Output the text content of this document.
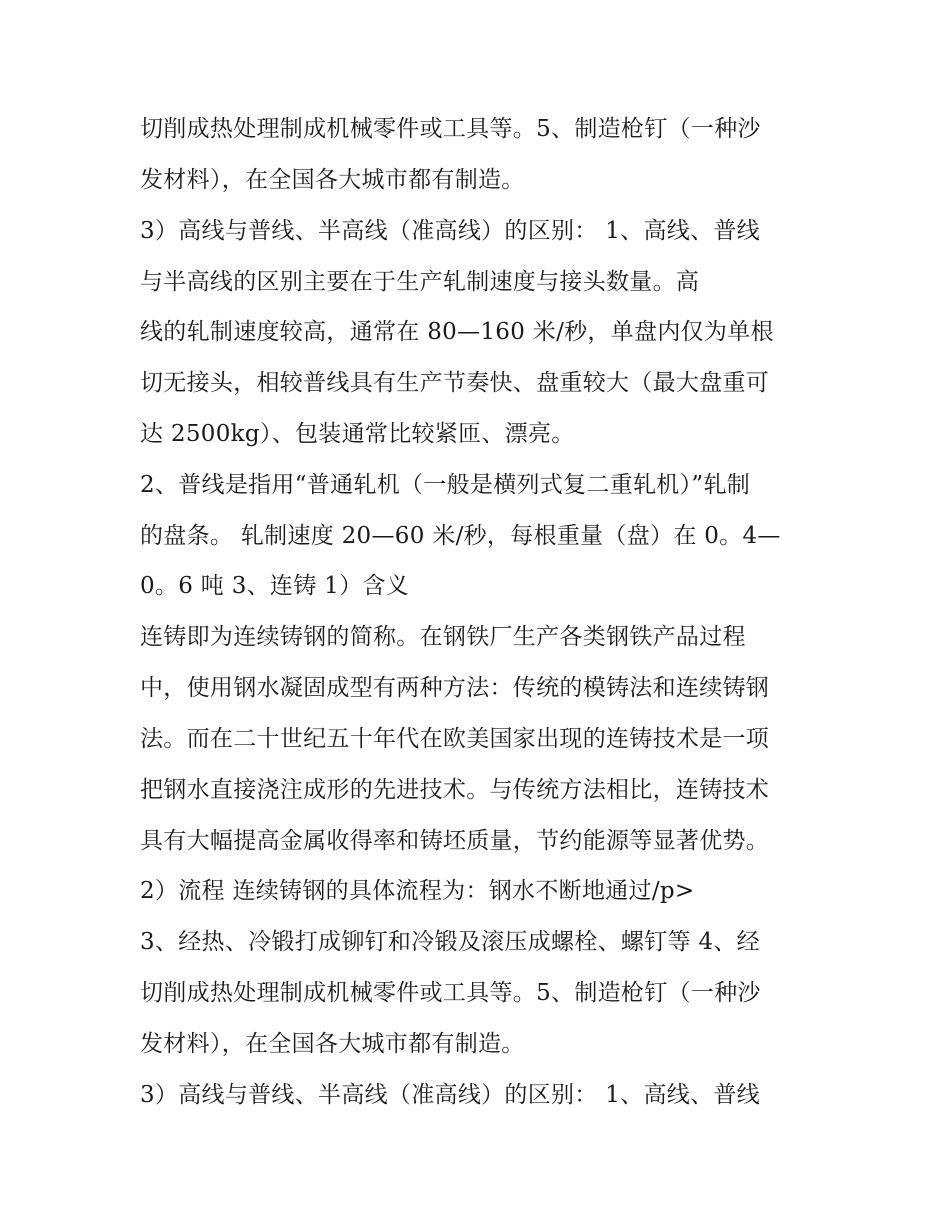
切削成热处理制成机械零件或工具等。5、制造枪钉（一种沙
发材料），在全国各大城市都有制造。
3）高线与普线、半高线（准高线）的区别： 1、高线、普线
与半高线的区别主要在于生产轧制速度与接头数量。高
线的轧制速度较高，通常在 80—160 米/秒，单盘内仅为单根
切无接头，相较普线具有生产节奏快、盘重较大（最大盘重可
达 2500kg）、包装通常比较紧匝、漂亮。
2、普线是指用“普通轧机（一般是横列式复二重轧机）”轧制
的盘条。 轧制速度 20—60 米/秒，每根重量（盘）在 0。4—
0。6 吨 3、连铸 1）含义
连铸即为连续铸钢的简称。在钢铁厂生产各类钢铁产品过程
中，使用钢水凝固成型有两种方法：传统的模铸法和连续铸钢
法。而在二十世纪五十年代在欧美国家出现的连铸技术是一项
把钢水直接浇注成形的先进技术。与传统方法相比，连铸技术
具有大幅提高金属收得率和铸坯质量，节约能源等显著优势。
2）流程 连续铸钢的具体流程为：钢水不断地通过/p>
3、经热、冷锻打成铆钉和冷锻及滚压成螺栓、螺钉等 4、经
切削成热处理制成机械零件或工具等。5、制造枪钉（一种沙
发材料），在全国各大城市都有制造。
3）高线与普线、半高线（准高线）的区别： 1、高线、普线
